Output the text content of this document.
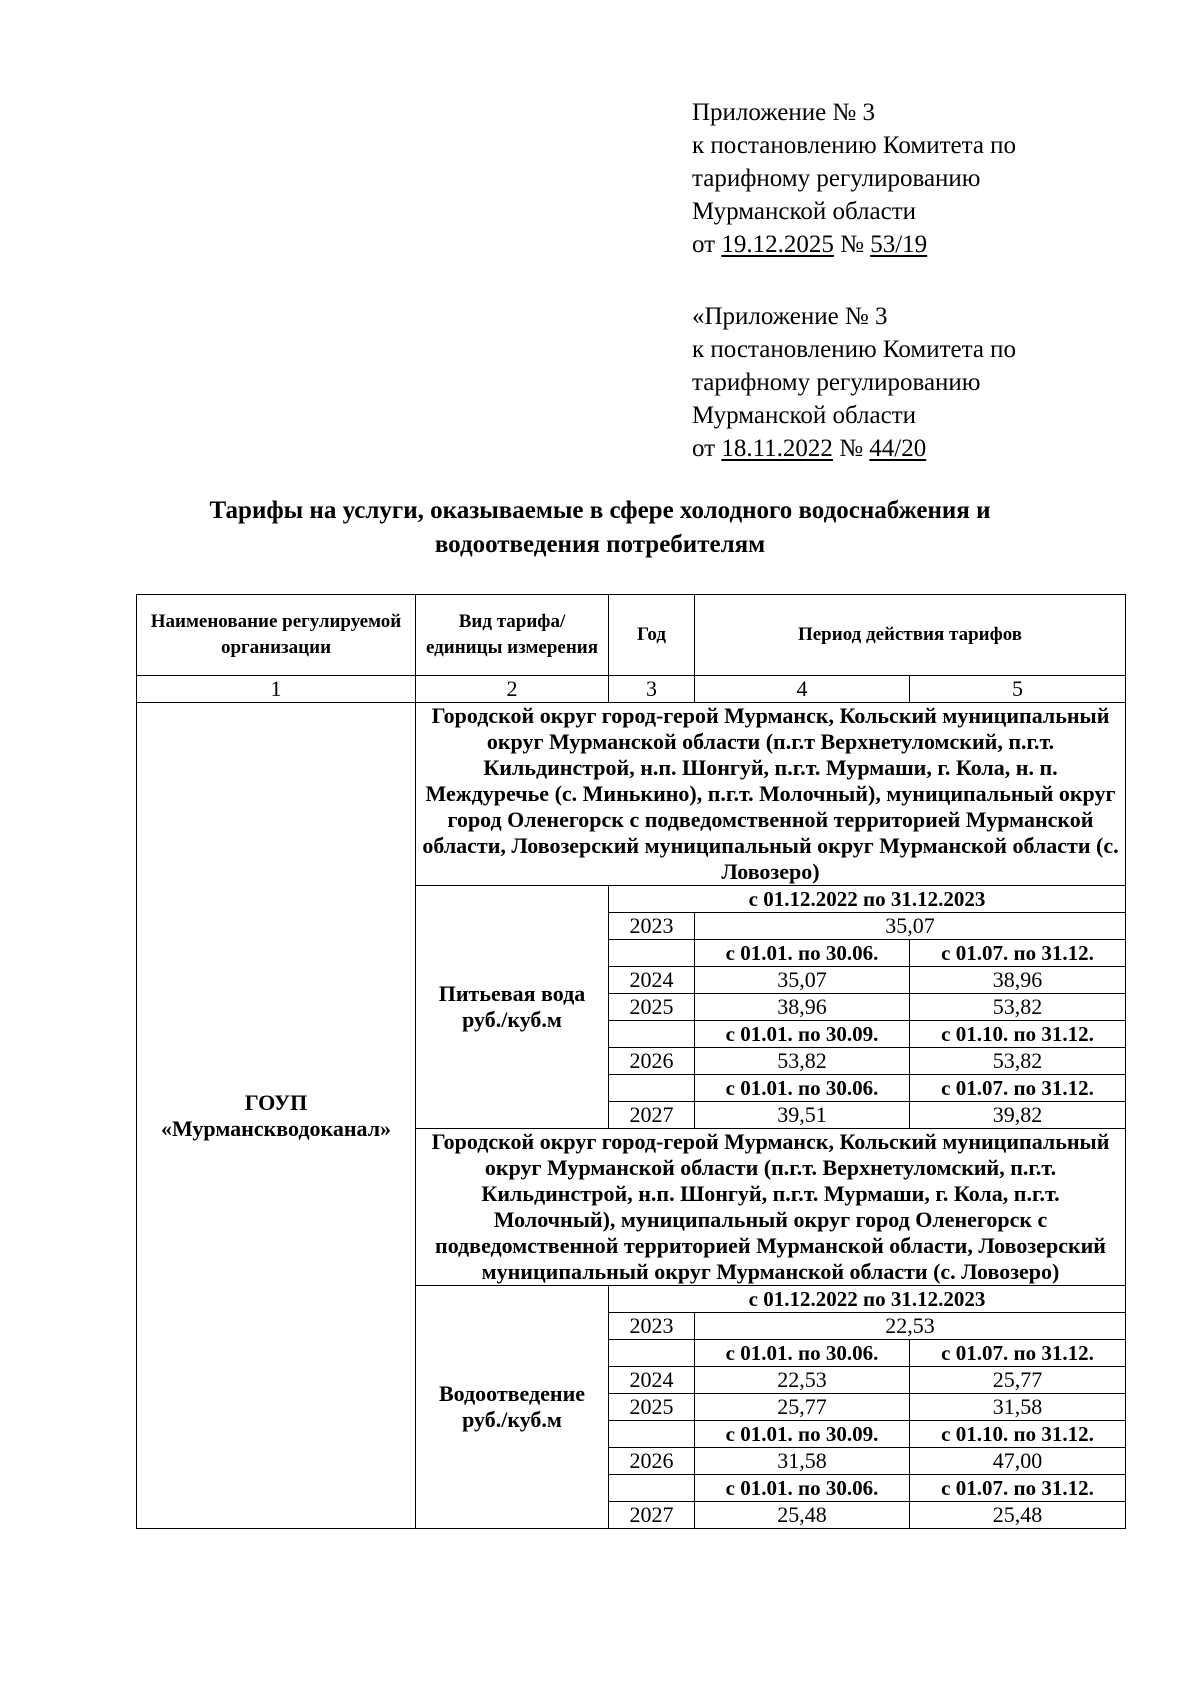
Приложение № 3
к постановлению Комитета по
тарифному регулированию
Мурманской области
от 19.12.2025 № 53/19
«Приложение № 3
к постановлению Комитета по
тарифному регулированию
Мурманской области
от 18.11.2022 № 44/20
Тарифы на услуги, оказываемые в сфере холодного водоснабжения и
водоотведения потребителям
Наименование регулируемой организации	Вид тарифа/ единицы измерения	Год	Период действия тарифов	
1	2	3	4	5
ГОУП «Мурманскводоканал»	Городской округ город-герой Мурманск, Кольский муниципальный округ Мурманской области (п.г.т Верхнетуломский, п.г.т. Кильдинстрой, н.п. Шонгуй, п.г.т. Мурмаши, г. Кола, н. п. Междуречье (с. Минькино), п.г.т. Молочный), муниципальный округ город Оленегорск с подведомственной территорией Мурманской области, Ловозерский муниципальный округ Мурманской области (с. Ловозеро)			
	Питьевая вода руб./куб.м	с 01.12.2022 по 31.12.2023		
		2023	35,07	
			с 01.01. по 30.06.	с 01.07. по 31.12.
		2024	35,07	38,96
		2025	38,96	53,82
			с 01.01. по 30.09.	с 01.10. по 31.12.
		2026	53,82	53,82
			с 01.01. по 30.06.	с 01.07. по 31.12.
		2027	39,51	39,82
	Городской округ город-герой Мурманск, Кольский муниципальный округ Мурманской области (п.г.т. Верхнетуломский, п.г.т. Кильдинстрой, н.п. Шонгуй, п.г.т. Мурмаши, г. Кола, п.г.т. Молочный), муниципальный округ город Оленегорск с подведомственной территорией Мурманской области, Ловозерский муниципальный округ Мурманской области (с. Ловозеро)			
	Водоотведение руб./куб.м	с 01.12.2022 по 31.12.2023		
		2023	22,53	
			с 01.01. по 30.06.	с 01.07. по 31.12.
		2024	22,53	25,77
		2025	25,77	31,58
			с 01.01. по 30.09.	с 01.10. по 31.12.
		2026	31,58	47,00
			с 01.01. по 30.06.	с 01.07. по 31.12.
		2027	25,48	25,48
